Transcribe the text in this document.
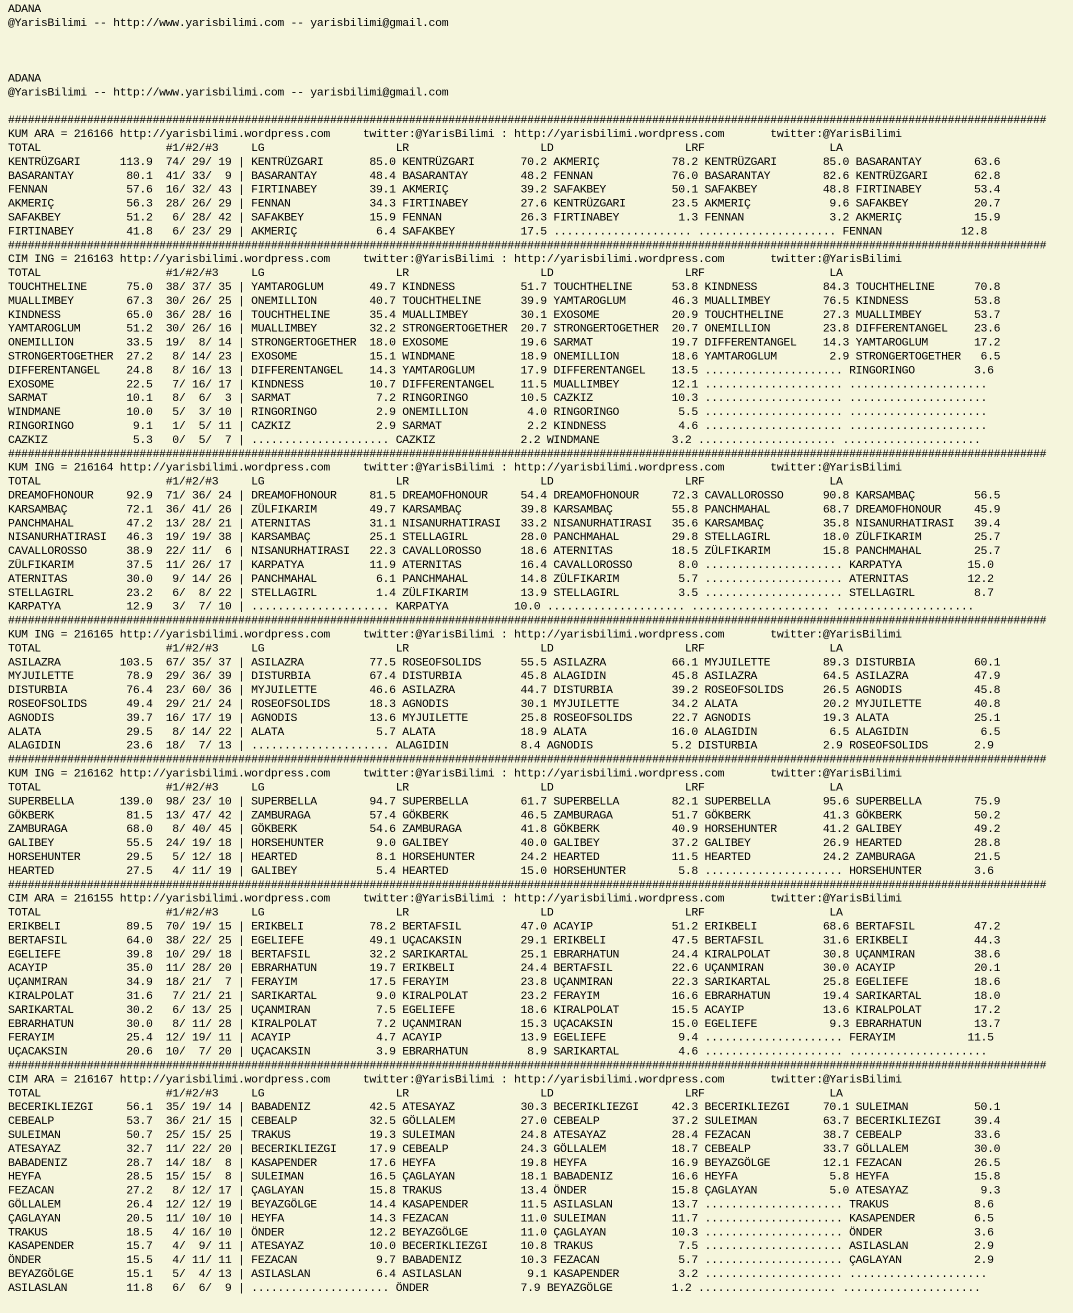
ADANA
@YarisBilimi -- http://www.yarisbilimi.com -- yarisbilimi@gmail.com

ADANA
@YarisBilimi -- http://www.yarisbilimi.com -- yarisbilimi@gmail.com

##############################################################################################################################################################
KUM ARA = 216166 http://yarisbilimi.wordpress.com     twitter:@YarisBilimi : http://yarisbilimi.wordpress.com       twitter:@YarisBilimi
TOTAL                   #1/#2/#3     LG                    LR                    LD                    LRF                   LA
KENTRÜZGARI      113.9  74/ 29/ 19 | KENTRÜZGARI       85.0 KENTRÜZGARI       70.2 AKMERIÇ           78.2 KENTRÜZGARI       85.0 BASARANTAY        63.6
BASARANTAY        80.1  41/ 33/  9 | BASARANTAY        48.4 BASARANTAY        48.2 FENNAN            76.0 BASARANTAY        82.6 KENTRÜZGARI       62.8
FENNAN            57.6  16/ 32/ 43 | FIRTINABEY        39.1 AKMERIÇ           39.2 SAFAKBEY          50.1 SAFAKBEY          48.8 FIRTINABEY        53.4
AKMERIÇ           56.3  28/ 26/ 29 | FENNAN            34.3 FIRTINABEY        27.6 KENTRÜZGARI       23.5 AKMERIÇ            9.6 SAFAKBEY          20.7
SAFAKBEY          51.2   6/ 28/ 42 | SAFAKBEY          15.9 FENNAN            26.3 FIRTINABEY         1.3 FENNAN             3.2 AKMERIÇ           15.9
FIRTINABEY        41.8   6/ 23/ 29 | AKMERIÇ            6.4 SAFAKBEY          17.5 ..................... ..................... FENNAN            12.8
##############################################################################################################################################################
CIM ING = 216163 http://yarisbilimi.wordpress.com     twitter:@YarisBilimi : http://yarisbilimi.wordpress.com       twitter:@YarisBilimi
TOTAL                   #1/#2/#3     LG                    LR                    LD                    LRF                   LA
TOUCHTHELINE      75.0  38/ 37/ 35 | YAMTAROGLUM       49.7 KINDNESS          51.7 TOUCHTHELINE      53.8 KINDNESS          84.3 TOUCHTHELINE      70.8
MUALLIMBEY        67.3  30/ 26/ 25 | ONEMILLION        40.7 TOUCHTHELINE      39.9 YAMTAROGLUM       46.3 MUALLIMBEY        76.5 KINDNESS          53.8
KINDNESS          65.0  36/ 28/ 16 | TOUCHTHELINE      35.4 MUALLIMBEY        30.1 EXOSOME           20.9 TOUCHTHELINE      27.3 MUALLIMBEY        53.7
YAMTAROGLUM       51.2  30/ 26/ 16 | MUALLIMBEY        32.2 STRONGERTOGETHER  20.7 STRONGERTOGETHER  20.7 ONEMILLION        23.8 DIFFERENTANGEL    23.6
ONEMILLION        33.5  19/  8/ 14 | STRONGERTOGETHER  18.0 EXOSOME           19.6 SARMAT            19.7 DIFFERENTANGEL    14.3 YAMTAROGLUM       17.2
STRONGERTOGETHER  27.2   8/ 14/ 23 | EXOSOME           15.1 WINDMANE          18.9 ONEMILLION        18.6 YAMTAROGLUM        2.9 STRONGERTOGETHER   6.5
DIFFERENTANGEL    24.8   8/ 16/ 13 | DIFFERENTANGEL    14.3 YAMTAROGLUM       17.9 DIFFERENTANGEL    13.5 ..................... RINGORINGO         3.6
EXOSOME           22.5   7/ 16/ 17 | KINDNESS          10.7 DIFFERENTANGEL    11.5 MUALLIMBEY        12.1 ..................... .....................
SARMAT            10.1   8/  6/  3 | SARMAT             7.2 RINGORINGO        10.5 CAZKIZ            10.3 ..................... .....................
WINDMANE          10.0   5/  3/ 10 | RINGORINGO         2.9 ONEMILLION         4.0 RINGORINGO         5.5 ..................... .....................
RINGORINGO         9.1   1/  5/ 11 | CAZKIZ             2.9 SARMAT             2.2 KINDNESS           4.6 ..................... .....................
CAZKIZ             5.3   0/  5/  7 | ..................... CAZKIZ             2.2 WINDMANE           3.2 ..................... .....................
##############################################################################################################################################################
KUM ING = 216164 http://yarisbilimi.wordpress.com     twitter:@YarisBilimi : http://yarisbilimi.wordpress.com       twitter:@YarisBilimi
TOTAL                   #1/#2/#3     LG                    LR                    LD                    LRF                   LA
DREAMOFHONOUR     92.9  71/ 36/ 24 | DREAMOFHONOUR     81.5 DREAMOFHONOUR     54.4 DREAMOFHONOUR     72.3 CAVALLOROSSO      90.8 KARSAMBAÇ         56.5
KARSAMBAÇ         72.1  36/ 41/ 26 | ZÜLFIKARIM        49.7 KARSAMBAÇ         39.8 KARSAMBAÇ         55.8 PANCHMAHAL        68.7 DREAMOFHONOUR     45.9
PANCHMAHAL        47.2  13/ 28/ 21 | ATERNITAS         31.1 NISANURHATIRASI   33.2 NISANURHATIRASI   35.6 KARSAMBAÇ         35.8 NISANURHATIRASI   39.4
NISANURHATIRASI   46.3  19/ 19/ 38 | KARSAMBAÇ         25.1 STELLAGIRL        28.0 PANCHMAHAL        29.8 STELLAGIRL        18.0 ZÜLFIKARIM        25.7
CAVALLOROSSO      38.9  22/ 11/  6 | NISANURHATIRASI   22.3 CAVALLOROSSO      18.6 ATERNITAS         18.5 ZÜLFIKARIM        15.8 PANCHMAHAL        25.7
ZÜLFIKARIM        37.5  11/ 26/ 17 | KARPATYA          11.9 ATERNITAS         16.4 CAVALLOROSSO       8.0 ..................... KARPATYA          15.0
ATERNITAS         30.0   9/ 14/ 26 | PANCHMAHAL         6.1 PANCHMAHAL        14.8 ZÜLFIKARIM         5.7 ..................... ATERNITAS         12.2
STELLAGIRL        23.2   6/  8/ 22 | STELLAGIRL         1.4 ZÜLFIKARIM        13.9 STELLAGIRL         3.5 ..................... STELLAGIRL         8.7
KARPATYA          12.9   3/  7/ 10 | ..................... KARPATYA          10.0 ..................... ..................... .....................
##############################################################################################################################################################
KUM ING = 216165 http://yarisbilimi.wordpress.com     twitter:@YarisBilimi : http://yarisbilimi.wordpress.com       twitter:@YarisBilimi
TOTAL                   #1/#2/#3     LG                    LR                    LD                    LRF                   LA
ASILAZRA         103.5  67/ 35/ 37 | ASILAZRA          77.5 ROSEOFSOLIDS      55.5 ASILAZRA          66.1 MYJUILETTE        89.3 DISTURBIA         60.1
MYJUILETTE        78.9  29/ 36/ 39 | DISTURBIA         67.4 DISTURBIA         45.8 ALAGIDIN          45.8 ASILAZRA          64.5 ASILAZRA          47.9
DISTURBIA         76.4  23/ 60/ 36 | MYJUILETTE        46.6 ASILAZRA          44.7 DISTURBIA         39.2 ROSEOFSOLIDS      26.5 AGNODIS           45.8
ROSEOFSOLIDS      49.4  29/ 21/ 24 | ROSEOFSOLIDS      18.3 AGNODIS           30.1 MYJUILETTE        34.2 ALATA             20.2 MYJUILETTE        40.8
AGNODIS           39.7  16/ 17/ 19 | AGNODIS           13.6 MYJUILETTE        25.8 ROSEOFSOLIDS      22.7 AGNODIS           19.3 ALATA             25.1
ALATA             29.5   8/ 14/ 22 | ALATA              5.7 ALATA             18.9 ALATA             16.0 ALAGIDIN           6.5 ALAGIDIN           6.5
ALAGIDIN          23.6  18/  7/ 13 | ..................... ALAGIDIN           8.4 AGNODIS            5.2 DISTURBIA          2.9 ROSEOFSOLIDS       2.9
##############################################################################################################################################################
KUM ING = 216162 http://yarisbilimi.wordpress.com     twitter:@YarisBilimi : http://yarisbilimi.wordpress.com       twitter:@YarisBilimi
TOTAL                   #1/#2/#3     LG                    LR                    LD                    LRF                   LA
SUPERBELLA       139.0  98/ 23/ 10 | SUPERBELLA        94.7 SUPERBELLA        61.7 SUPERBELLA        82.1 SUPERBELLA        95.6 SUPERBELLA        75.9
GÖKBERK           81.5  13/ 47/ 42 | ZAMBURAGA         57.4 GÖKBERK           46.5 ZAMBURAGA         51.7 GÖKBERK           41.3 GÖKBERK           50.2
ZAMBURAGA         68.0   8/ 40/ 45 | GÖKBERK           54.6 ZAMBURAGA         41.8 GÖKBERK           40.9 HORSEHUNTER       41.2 GALIBEY           49.2
GALIBEY           55.5  24/ 19/ 18 | HORSEHUNTER        9.0 GALIBEY           40.0 GALIBEY           37.2 GALIBEY           26.9 HEARTED           28.8
HORSEHUNTER       29.5   5/ 12/ 18 | HEARTED            8.1 HORSEHUNTER       24.2 HEARTED           11.5 HEARTED           24.2 ZAMBURAGA         21.5
HEARTED           27.5   4/ 11/ 19 | GALIBEY            5.4 HEARTED           15.0 HORSEHUNTER        5.8 ..................... HORSEHUNTER        3.6
##############################################################################################################################################################
CIM ARA = 216155 http://yarisbilimi.wordpress.com     twitter:@YarisBilimi : http://yarisbilimi.wordpress.com       twitter:@YarisBilimi
TOTAL                   #1/#2/#3     LG                    LR                    LD                    LRF                   LA
ERIKBELI          89.5  70/ 19/ 15 | ERIKBELI          78.2 BERTAFSIL         47.0 ACAYIP            51.2 ERIKBELI          68.6 BERTAFSIL         47.2
BERTAFSIL         64.0  38/ 22/ 25 | EGELIEFE          49.1 UÇACAKSIN         29.1 ERIKBELI          47.5 BERTAFSIL         31.6 ERIKBELI          44.3
EGELIEFE          39.8  10/ 29/ 18 | BERTAFSIL         32.2 SARIKARTAL        25.1 EBRARHATUN        24.4 KIRALPOLAT        30.8 UÇANMIRAN         38.6
ACAYIP            35.0  11/ 28/ 20 | EBRARHATUN        19.7 ERIKBELI          24.4 BERTAFSIL         22.6 UÇANMIRAN         30.0 ACAYIP            20.1
UÇANMIRAN         34.9  18/ 21/  7 | FERAYIM           17.5 FERAYIM           23.8 UÇANMIRAN         22.3 SARIKARTAL        25.8 EGELIEFE          18.6
KIRALPOLAT        31.6   7/ 21/ 21 | SARIKARTAL         9.0 KIRALPOLAT        23.2 FERAYIM           16.6 EBRARHATUN        19.4 SARIKARTAL        18.0
SARIKARTAL        30.2   6/ 13/ 25 | UÇANMIRAN          7.5 EGELIEFE          18.6 KIRALPOLAT        15.5 ACAYIP            13.6 KIRALPOLAT        17.2
EBRARHATUN        30.0   8/ 11/ 28 | KIRALPOLAT         7.2 UÇANMIRAN         15.3 UÇACAKSIN         15.0 EGELIEFE           9.3 EBRARHATUN        13.7
FERAYIM           25.4  12/ 19/ 11 | ACAYIP             4.7 ACAYIP            13.9 EGELIEFE           9.4 ..................... FERAYIM           11.5
UÇACAKSIN         20.6  10/  7/ 20 | UÇACAKSIN          3.9 EBRARHATUN         8.9 SARIKARTAL         4.6 ..................... .....................
##############################################################################################################################################################
CIM ARA = 216167 http://yarisbilimi.wordpress.com     twitter:@YarisBilimi : http://yarisbilimi.wordpress.com       twitter:@YarisBilimi
TOTAL                   #1/#2/#3     LG                    LR                    LD                    LRF                   LA
BECERIKLIEZGI     56.1  35/ 19/ 14 | BABADENIZ         42.5 ATESAYAZ          30.3 BECERIKLIEZGI     42.3 BECERIKLIEZGI     70.1 SULEIMAN          50.1
CEBEALP           53.7  36/ 21/ 15 | CEBEALP           32.5 GÖLLALEM          27.0 CEBEALP           37.2 SULEIMAN          63.7 BECERIKLIEZGI     39.4
SULEIMAN          50.7  25/ 15/ 25 | TRAKUS            19.3 SULEIMAN          24.8 ATESAYAZ          28.4 FEZACAN           38.7 CEBEALP           33.6
ATESAYAZ          32.7  11/ 22/ 20 | BECERIKLIEZGI     17.9 CEBEALP           24.3 GÖLLALEM          18.7 CEBEALP           33.7 GÖLLALEM          30.0
BABADENIZ         28.7  14/ 18/  8 | KASAPENDER        17.6 HEYFA             19.8 HEYFA             16.9 BEYAZGÖLGE        12.1 FEZACAN           26.5
HEYFA             28.5  15/ 15/  8 | SULEIMAN          16.5 ÇAGLAYAN          18.1 BABADENIZ         16.6 HEYFA              5.8 HEYFA             15.8
FEZACAN           27.2   8/ 12/ 17 | ÇAGLAYAN          15.8 TRAKUS            13.4 ÖNDER             15.8 ÇAGLAYAN           5.0 ATESAYAZ           9.3
GÖLLALEM          26.4  12/ 12/ 19 | BEYAZGÖLGE        14.4 KASAPENDER        11.5 ASILASLAN         13.7 ..................... TRAKUS             8.6
ÇAGLAYAN          20.5  11/ 10/ 10 | HEYFA             14.3 FEZACAN           11.0 SULEIMAN          11.7 ..................... KASAPENDER         6.5
TRAKUS            18.5   4/ 16/ 10 | ÖNDER             12.2 BEYAZGÖLGE        11.0 ÇAGLAYAN          10.3 ..................... ÖNDER              3.6
KASAPENDER        15.7   4/  9/ 11 | ATESAYAZ          10.0 BECERIKLIEZGI     10.8 TRAKUS             7.5 ..................... ASILASLAN          2.9
ÖNDER             15.5   4/ 11/ 11 | FEZACAN            9.7 BABADENIZ         10.3 FEZACAN            5.7 ..................... ÇAGLAYAN           2.9
BEYAZGÖLGE        15.1   5/  4/ 13 | ASILASLAN          6.4 ASILASLAN          9.1 KASAPENDER         3.2 ..................... .....................
ASILASLAN         11.8   6/  6/  9 | ..................... ÖNDER              7.9 BEYAZGÖLGE         1.2 ..................... .....................
